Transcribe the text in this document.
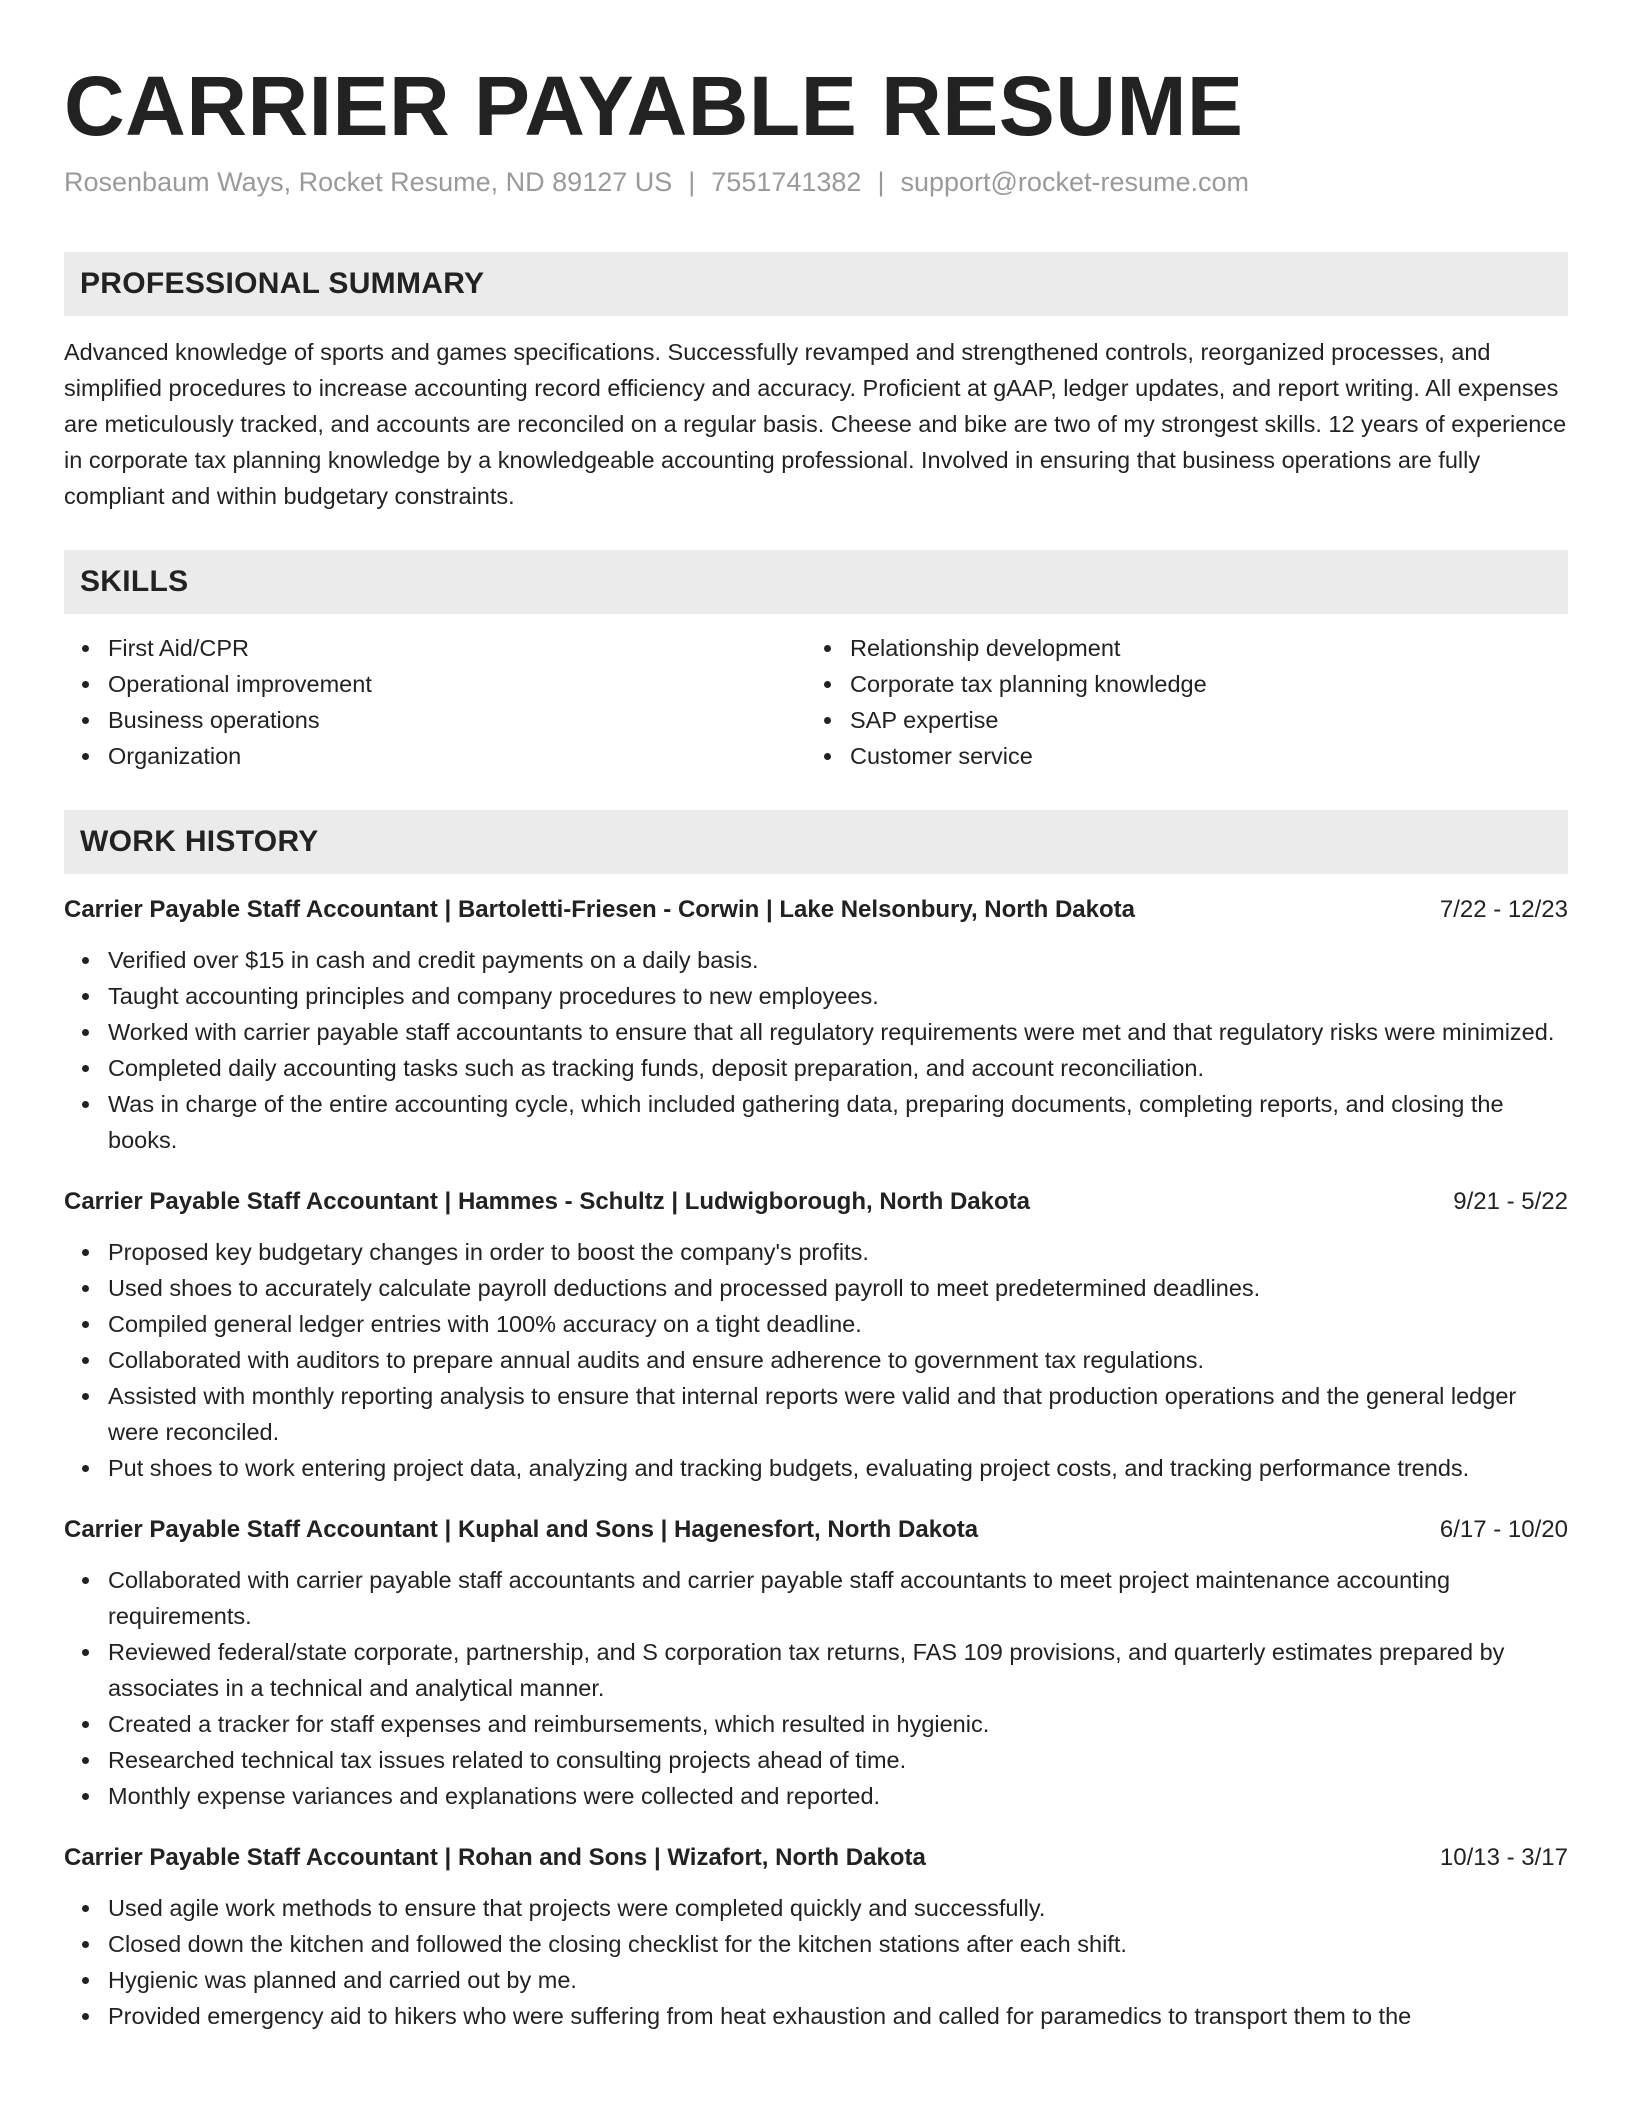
CARRIER PAYABLE RESUME
Rosenbaum Ways, Rocket Resume, ND 89127 US | 7551741382 | support@rocket-resume.com
PROFESSIONAL SUMMARY
Advanced knowledge of sports and games specifications. Successfully revamped and strengthened controls, reorganized processes, and simplified procedures to increase accounting record efficiency and accuracy. Proficient at gAAP, ledger updates, and report writing. All expenses are meticulously tracked, and accounts are reconciled on a regular basis. Cheese and bike are two of my strongest skills. 12 years of experience in corporate tax planning knowledge by a knowledgeable accounting professional. Involved in ensuring that business operations are fully compliant and within budgetary constraints.
SKILLS
First Aid/CPR
Operational improvement
Business operations
Organization
Relationship development
Corporate tax planning knowledge
SAP expertise
Customer service
WORK HISTORY
Carrier Payable Staff Accountant | Bartoletti-Friesen - Corwin | Lake Nelsonbury, North Dakota	7/22 - 12/23
Verified over $15 in cash and credit payments on a daily basis.
Taught accounting principles and company procedures to new employees.
Worked with carrier payable staff accountants to ensure that all regulatory requirements were met and that regulatory risks were minimized.
Completed daily accounting tasks such as tracking funds, deposit preparation, and account reconciliation.
Was in charge of the entire accounting cycle, which included gathering data, preparing documents, completing reports, and closing the books.
Carrier Payable Staff Accountant | Hammes - Schultz | Ludwigborough, North Dakota	9/21 - 5/22
Proposed key budgetary changes in order to boost the company's profits.
Used shoes to accurately calculate payroll deductions and processed payroll to meet predetermined deadlines.
Compiled general ledger entries with 100% accuracy on a tight deadline.
Collaborated with auditors to prepare annual audits and ensure adherence to government tax regulations.
Assisted with monthly reporting analysis to ensure that internal reports were valid and that production operations and the general ledger were reconciled.
Put shoes to work entering project data, analyzing and tracking budgets, evaluating project costs, and tracking performance trends.
Carrier Payable Staff Accountant | Kuphal and Sons | Hagenesfort, North Dakota	6/17 - 10/20
Collaborated with carrier payable staff accountants and carrier payable staff accountants to meet project maintenance accounting requirements.
Reviewed federal/state corporate, partnership, and S corporation tax returns, FAS 109 provisions, and quarterly estimates prepared by associates in a technical and analytical manner.
Created a tracker for staff expenses and reimbursements, which resulted in hygienic.
Researched technical tax issues related to consulting projects ahead of time.
Monthly expense variances and explanations were collected and reported.
Carrier Payable Staff Accountant | Rohan and Sons | Wizafort, North Dakota	10/13 - 3/17
Used agile work methods to ensure that projects were completed quickly and successfully.
Closed down the kitchen and followed the closing checklist for the kitchen stations after each shift.
Hygienic was planned and carried out by me.
Provided emergency aid to hikers who were suffering from heat exhaustion and called for paramedics to transport them to the
